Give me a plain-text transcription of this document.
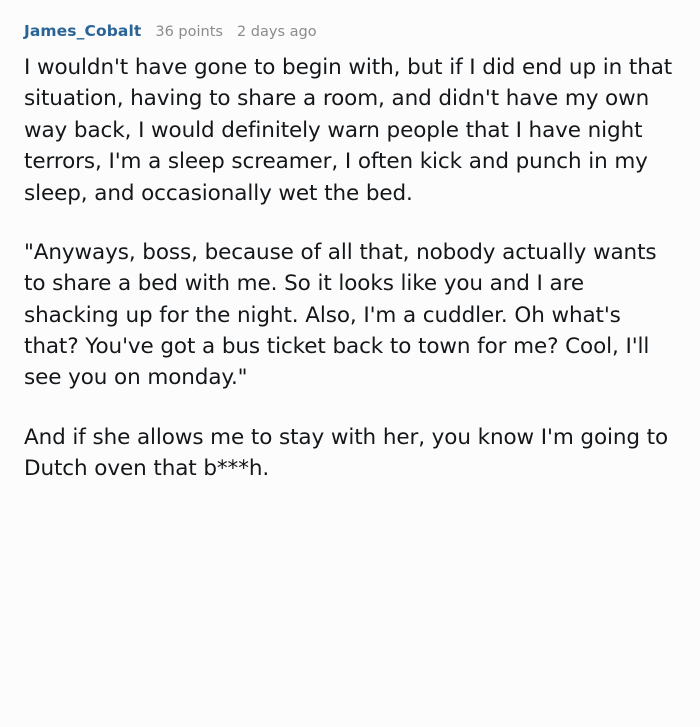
James_Cobalt 36 points 2 days ago

I wouldn't have gone to begin with, but if I did end up in that situation, having to share a room, and didn't have my own way back, I would definitely warn people that I have night terrors, I'm a sleep screamer, I often kick and punch in my sleep, and occasionally wet the bed.

"Anyways, boss, because of all that, nobody actually wants to share a bed with me. So it looks like you and I are shacking up for the night. Also, I'm a cuddler. Oh what's that? You've got a bus ticket back to town for me? Cool, I'll see you on monday."

And if she allows me to stay with her, you know I'm going to Dutch oven that b***h.
